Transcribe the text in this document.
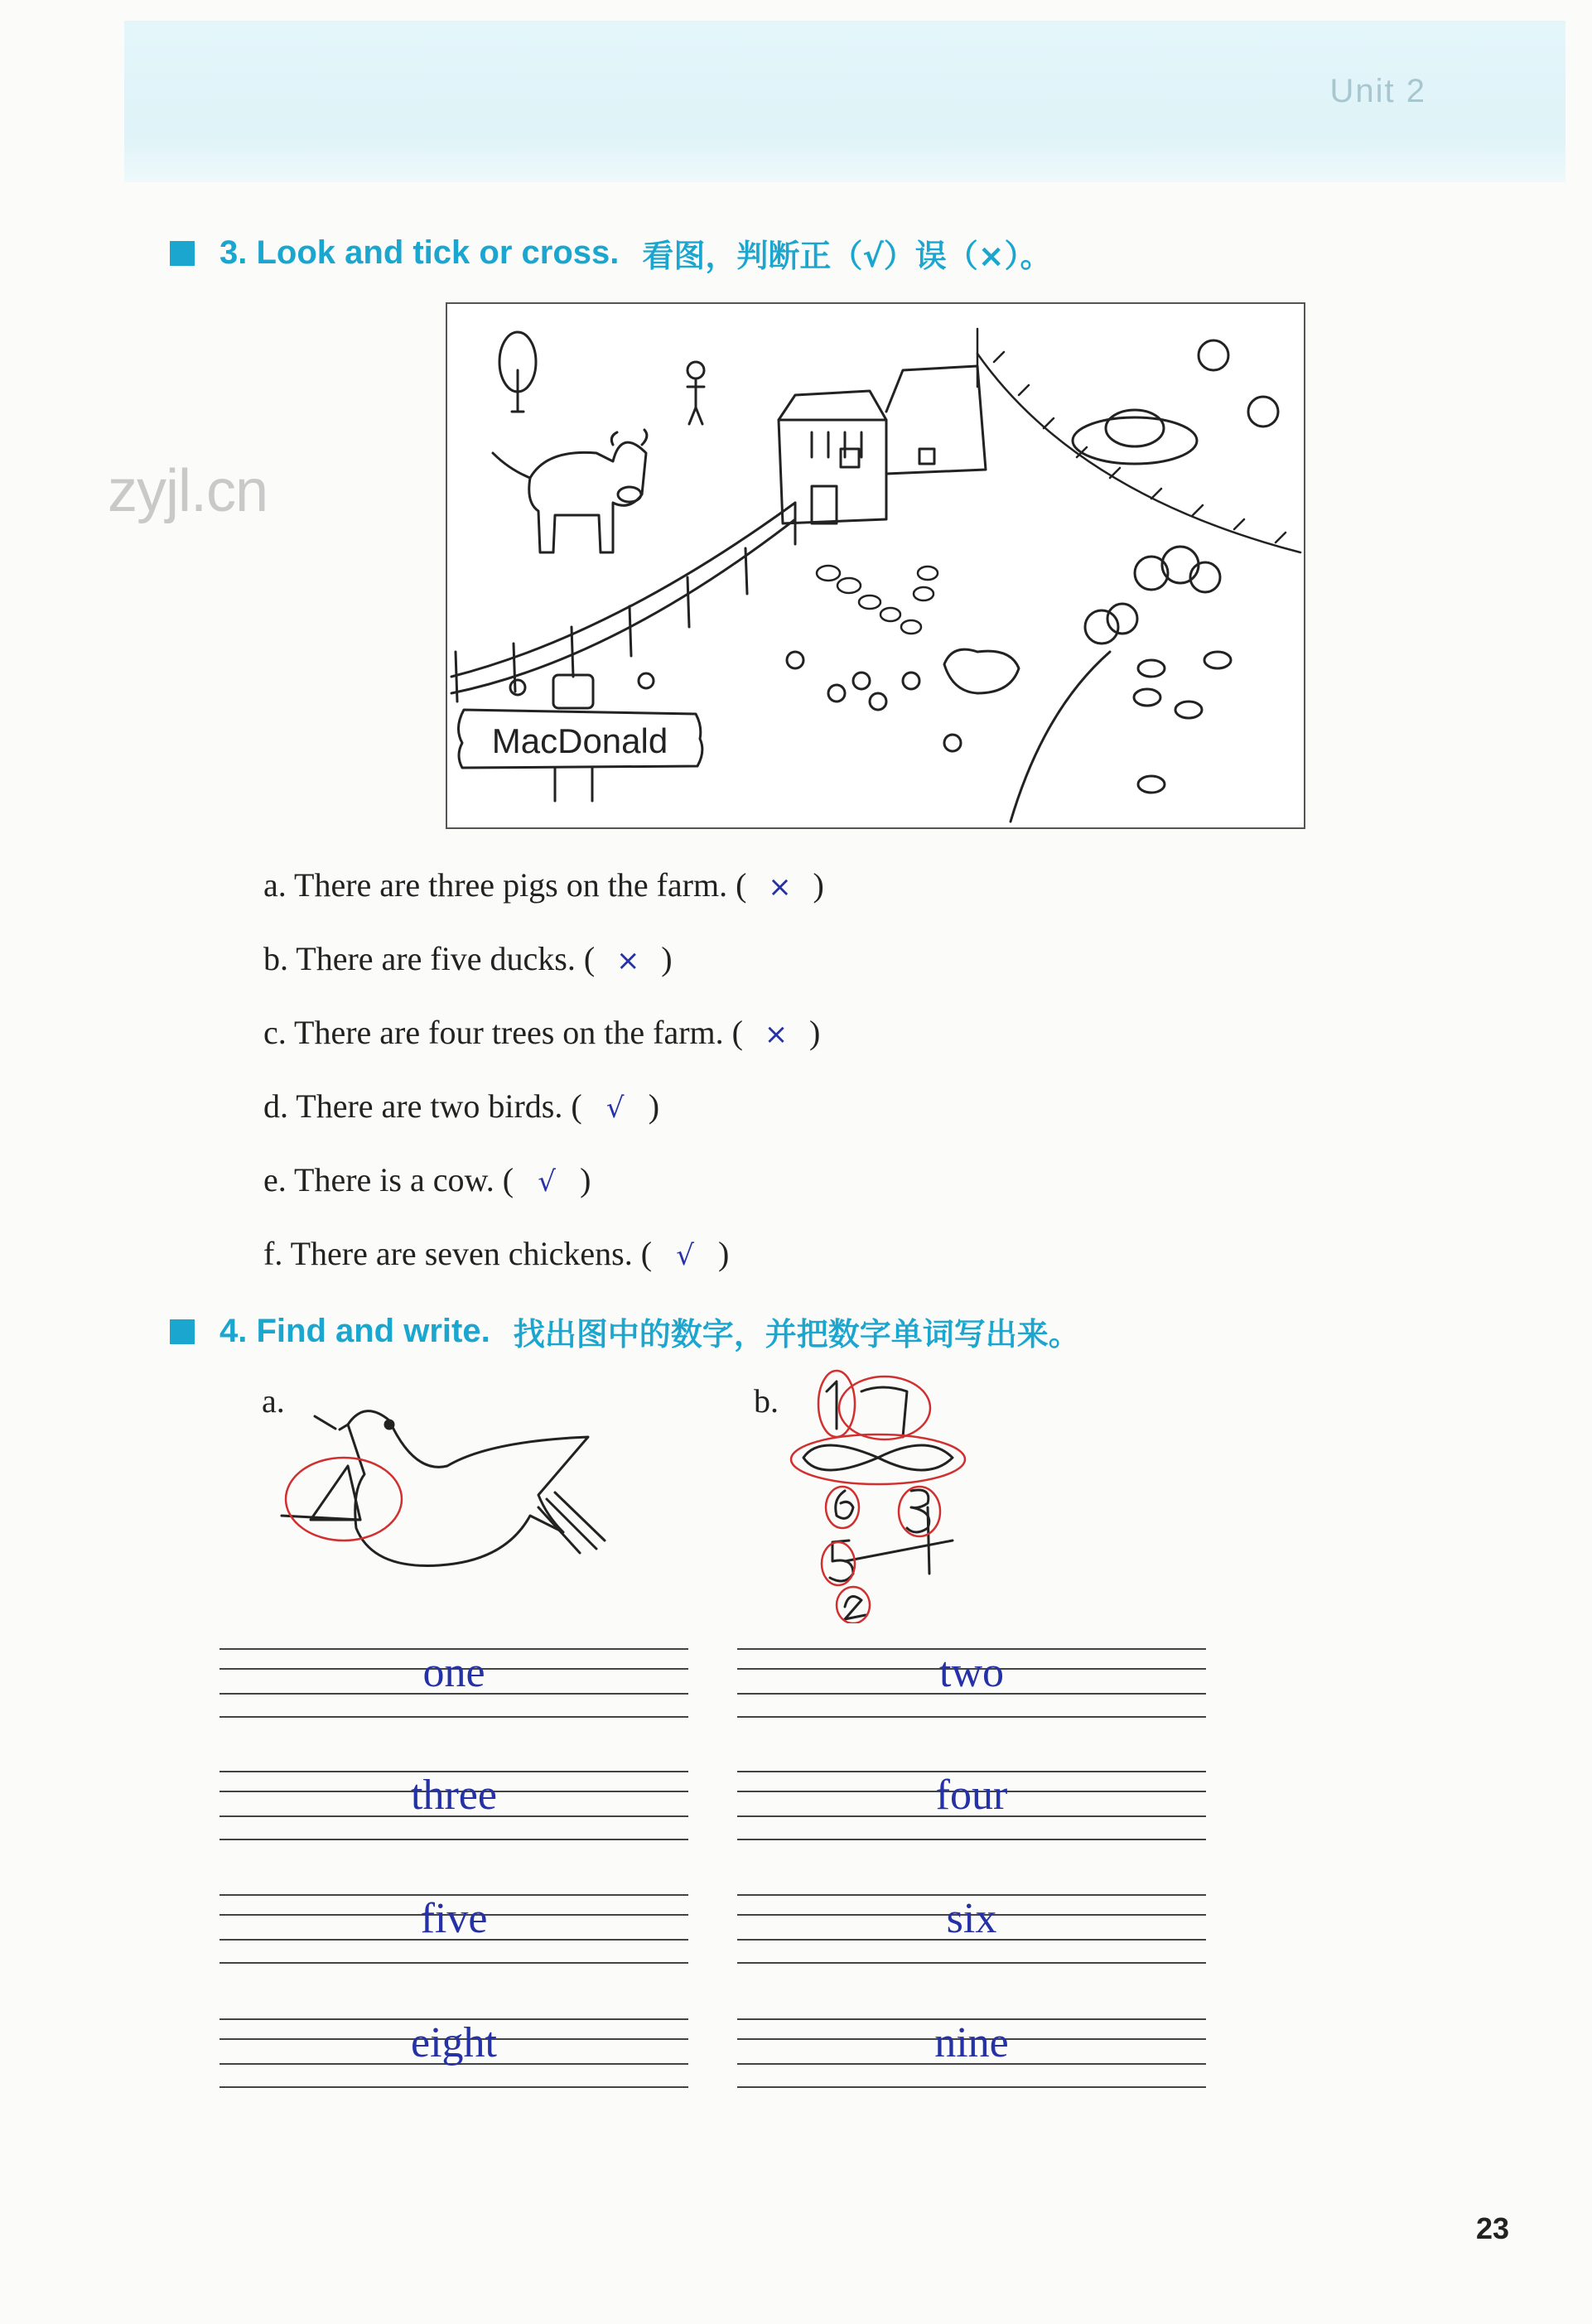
Unit 2
zyjl.cn
3. Look and tick or cross. 看图，判断正（√）误（×）。
MacDonald
a. There are three pigs on the farm. ( × )
b. There are five ducks. ( × )
c. There are four trees on the farm. ( × )
d. There are two birds. ( √ )
e. There is a cow. ( √ )
f. There are seven chickens. ( √ )
4. Find and write. 找出图中的数字，并把数字单词写出来。
a.	b.
one	two
three	four
five	six
eight	nine
23
